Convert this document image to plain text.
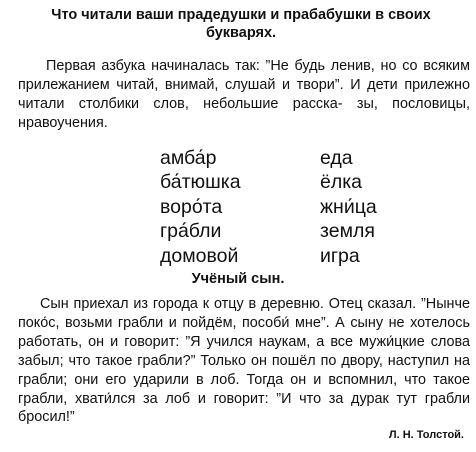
Что читали ваши прадедушки и прабабушки в своих букварях.
Первая азбука начиналась так: ”Не будь ленив, но со всяким прилежанием читай, внимай, слушай и твори”. И дети прилежно читали столбики слов, небольшие расска- зы, пословицы, нравоучения.
амба́р	еда
ба́тюшка	ёлка
воро́та	жни́ца
гра́бли	земля
домовой	игра
Учёный сын.
Сын приехал из города к отцу в деревню. Отец сказал. ”Нынче поко́с, возьми грабли и пойдём, пособи́ мне”. А сыну не хотелось работать, он и говорит: ”Я учился наукам, а все мужи́цкие слова забыл; что такое грабли?” Только он пошёл по двору, наступил на грабли; они его ударили в лоб. Тогда он и вспомнил, что такое грабли, хвати́лся за лоб и говорит: ”И что за дурак тут грабли бросил!”
Л. Н. Толстой.
